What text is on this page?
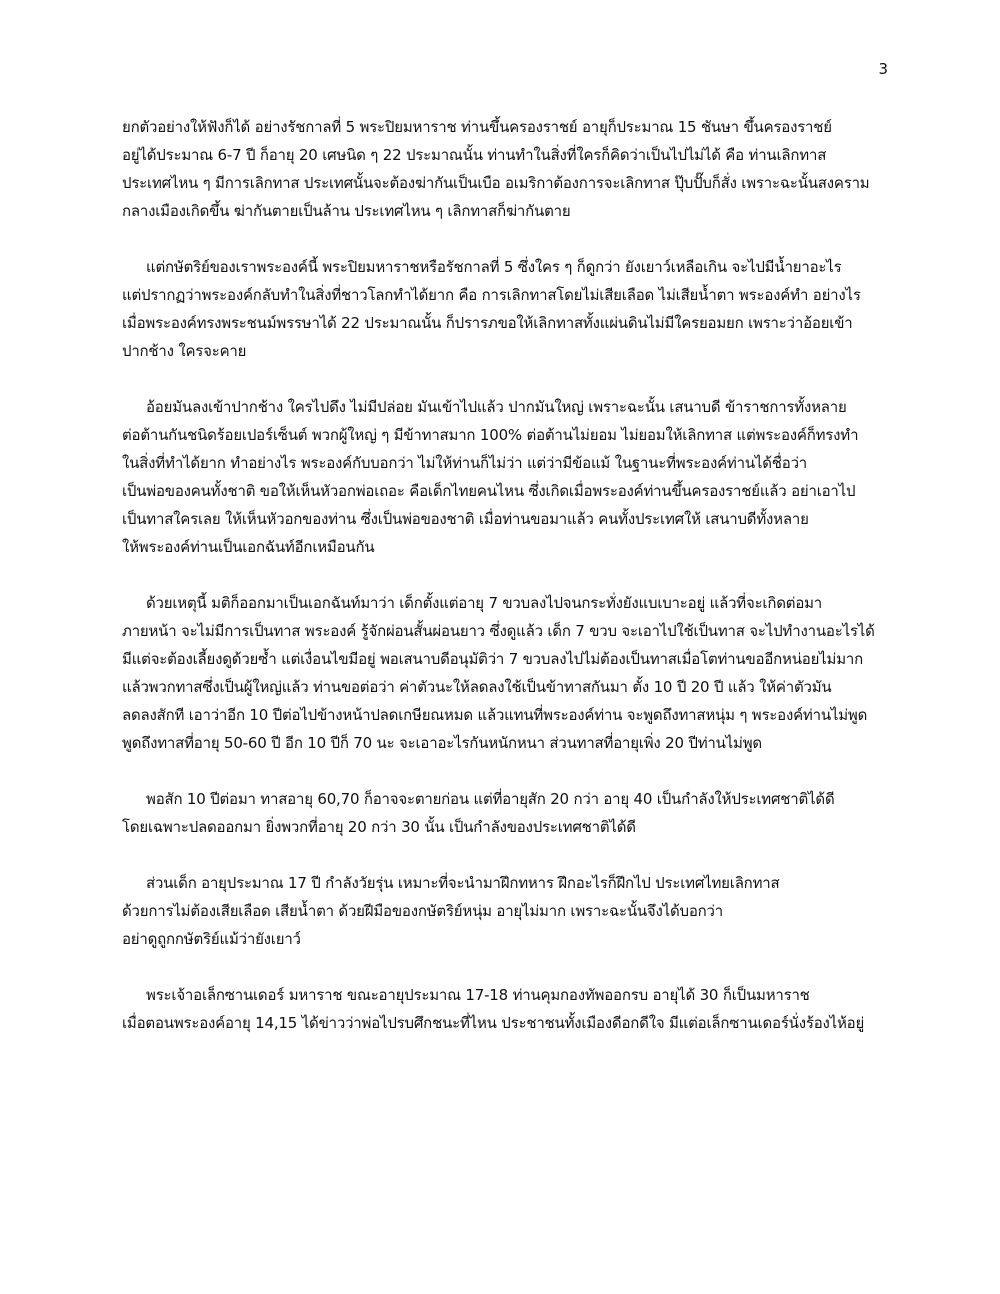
3
ยกตัวอย่างให้ฟังก็ได้ อย่างรัชกาลที่ 5 พระปิยมหาราช ท่านขึ้นครองราชย์ อายุก็ประมาณ 15 ชันษา ขึ้นครองราชย์
อยู่ได้ประมาณ 6-7 ปี ก็อายุ 20 เศษนิด ๆ 22 ประมาณนั้น ท่านทำในสิ่งที่ใครก็คิดว่าเป็นไปไม่ได้ คือ ท่านเลิกทาส
ประเทศไหน ๆ มีการเลิกทาส ประเทศนั้นจะต้องฆ่ากันเป็นเบือ อเมริกาต้องการจะเลิกทาส ปุ๊บปั๊บก็สั่ง เพราะฉะนั้นสงคราม
กลางเมืองเกิดขึ้น ฆ่ากันตายเป็นล้าน ประเทศไหน ๆ เลิกทาสก็ฆ่ากันตาย
แต่กษัตริย์ของเราพระองค์นี้ พระปิยมหาราชหรือรัชกาลที่ 5 ซึ่งใคร ๆ ก็ดูกว่า ยังเยาว์เหลือเกิน จะไปมีน้ำยาอะไร
แต่ปรากฏว่าพระองค์กลับทำในสิ่งที่ชาวโลกทำได้ยาก คือ การเลิกทาสโดยไม่เสียเลือด ไม่เสียน้ำตา พระองค์ทำ อย่างไร
เมื่อพระองค์ทรงพระชนม์พรรษาได้ 22 ประมาณนั้น ก็ปรารภขอให้เลิกทาสทั้งแผ่นดินไม่มีใครยอมยก เพราะว่าอ้อยเข้า
ปากช้าง ใครจะคาย
อ้อยมันลงเข้าปากช้าง ใครไปดึง ไม่มีปล่อย มันเข้าไปแล้ว ปากมันใหญ่ เพราะฉะนั้น เสนาบดี ข้าราชการทั้งหลาย
ต่อต้านกันชนิดร้อยเปอร์เซ็นต์ พวกผู้ใหญ่ ๆ มีข้าทาสมาก 100% ต่อต้านไม่ยอม ไม่ยอมให้เลิกทาส แต่พระองค์ก็ทรงทำ
ในสิ่งที่ทำได้ยาก ทำอย่างไร พระองค์กับบอกว่า ไม่ให้ท่านก็ไม่ว่า แต่ว่ามีข้อแม้ ในฐานะที่พระองค์ท่านได้ชื่อว่า
เป็นพ่อของคนทั้งชาติ ขอให้เห็นหัวอกพ่อเถอะ คือเด็กไทยคนไหน ซึ่งเกิดเมื่อพระองค์ท่านขึ้นครองราชย์แล้ว อย่าเอาไป
เป็นทาสใครเลย ให้เห็นหัวอกของท่าน ซึ่งเป็นพ่อของชาติ เมื่อท่านขอมาแล้ว คนทั้งประเทศให้ เสนาบดีทั้งหลาย
ให้พระองค์ท่านเป็นเอกฉันท์อีกเหมือนกัน
ด้วยเหตุนี้ มติก็ออกมาเป็นเอกฉันท์มาว่า เด็กตั้งแต่อายุ 7 ขวบลงไปจนกระทั่งยังแบเบาะอยู่ แล้วที่จะเกิดต่อมา
ภายหน้า จะไม่มีการเป็นทาส พระองค์ รู้จักผ่อนสั้นผ่อนยาว ซึ่งดูแล้ว เด็ก 7 ขวบ จะเอาไปใช้เป็นทาส จะไปทำงานอะไรได้
มีแต่จะต้องเลี้ยงดูด้วยซ้ำ แต่เงื่อนไขมีอยู่ พอเสนาบดีอนุมัติว่า 7 ขวบลงไปไม่ต้องเป็นทาสเมื่อโตท่านขออีกหน่อยไม่มาก
แล้วพวกทาสซึ่งเป็นผู้ใหญ่แล้ว ท่านขอต่อว่า ค่าตัวนะให้ลดลงใช้เป็นข้าทาสกันมา ตั้ง 10 ปี 20 ปี แล้ว ให้ค่าตัวมัน
ลดลงสักที เอาว่าอีก 10 ปีต่อไปข้างหน้าปลดเกษียณหมด แล้วแทนที่พระองค์ท่าน จะพูดถึงทาสหนุ่ม ๆ พระองค์ท่านไม่พูด
พูดถึงทาสที่อายุ 50-60 ปี อีก 10 ปีก็ 70 นะ จะเอาอะไรกันหนักหนา ส่วนทาสที่อายุเพิ่ง 20 ปีท่านไม่พูด
พอสัก 10 ปีต่อมา ทาสอายุ 60,70 ก็อาจจะตายก่อน แต่ที่อายุสัก 20 กว่า อายุ 40 เป็นกำลังให้ประเทศชาติได้ดี
โดยเฉพาะปลดออกมา ยิ่งพวกที่อายุ 20 กว่า 30 นั้น เป็นกำลังของประเทศชาติได้ดี
ส่วนเด็ก อายุประมาณ 17 ปี กำลังวัยรุ่น เหมาะที่จะนำมาฝึกทหาร ฝึกอะไรก็ฝึกไป ประเทศไทยเลิกทาส
ด้วยการไม่ต้องเสียเลือด เสียน้ำตา ด้วยฝีมือของกษัตริย์หนุ่ม อายุไม่มาก เพราะฉะนั้นจึงได้บอกว่า
อย่าดูถูกกษัตริย์แม้ว่ายังเยาว์
พระเจ้าอเล็กซานเดอร์ มหาราช ขณะอายุประมาณ 17-18 ท่านคุมกองทัพออกรบ อายุได้ 30 ก็เป็นมหาราช
เมื่อตอนพระองค์อายุ 14,15 ได้ข่าวว่าพ่อไปรบศึกชนะที่ไหน ประชาชนทั้งเมืองดีอกดีใจ มีแต่อเล็กซานเดอร์นั่งร้องไห้อยู่
